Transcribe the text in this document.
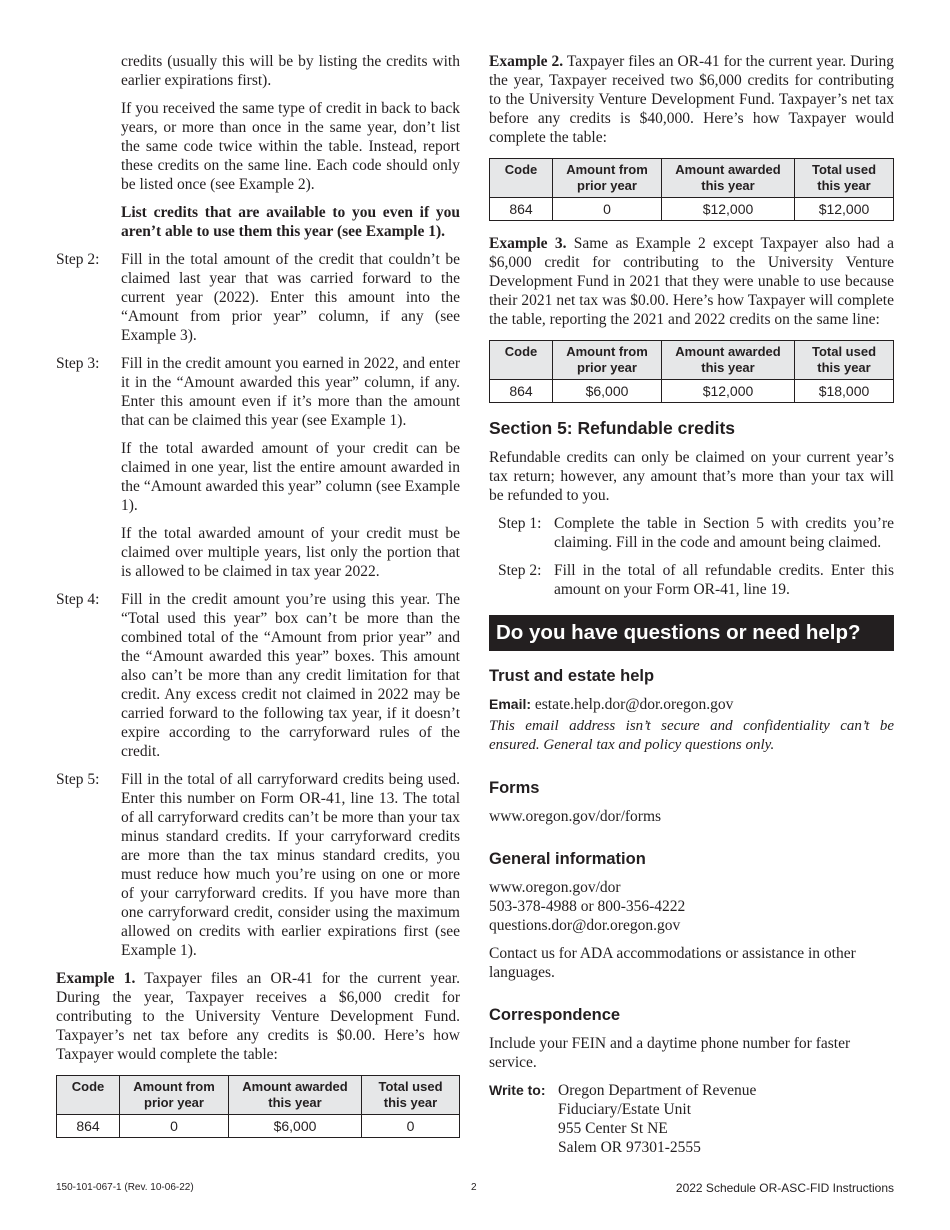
credits (usually this will be by listing the credits with earlier expirations first).

If you received the same type of credit in back to back years, or more than once in the same year, don’t list the same code twice within the table. Instead, report these credits on the same line. Each code should only be listed once (see Example 2).

List credits that are available to you even if you aren’t able to use them this year (see Example 1).

Step 2:	Fill in the total amount of the credit that couldn’t be claimed last year that was carried forward to the current year (2022). Enter this amount into the “Amount from prior year” column, if any (see Example 3).

Step 3:	Fill in the credit amount you earned in 2022, and enter it in the “Amount awarded this year” column, if any. Enter this amount even if it’s more than the amount that can be claimed this year (see Example 1).

If the total awarded amount of your credit can be claimed in one year, list the entire amount awarded in the “Amount awarded this year” column (see Example 1).

If the total awarded amount of your credit must be claimed over multiple years, list only the portion that is allowed to be claimed in tax year 2022.

Step 4:	Fill in the credit amount you’re using this year. The “Total used this year” box can’t be more than the combined total of the “Amount from prior year” and the “Amount awarded this year” boxes. This amount also can’t be more than any credit limitation for that credit. Any excess credit not claimed in 2022 may be carried forward to the following tax year, if it doesn’t expire according to the carryforward rules of the credit.

Step 5:	Fill in the total of all carryforward credits being used. Enter this number on Form OR-41, line 13. The total of all carryforward credits can’t be more than your tax minus standard credits. If your carryforward credits are more than the tax minus standard credits, you must reduce how much you’re using on one or more of your carryforward credits. If you have more than one carryforward credit, consider using the maximum allowed on credits with earlier expirations first (see Example 1).

Example 1. Taxpayer files an OR-41 for the current year. During the year, Taxpayer receives a $6,000 credit for contributing to the University Venture Development Fund. Taxpayer’s net tax before any credits is $0.00. Here’s how Taxpayer would complete the table:

Code	Amount from prior year	Amount awarded this year	Total used this year
864	0	$6,000	0

Example 2. Taxpayer files an OR-41 for the current year. During the year, Taxpayer received two $6,000 credits for contributing to the University Venture Development Fund. Taxpayer’s net tax before any credits is $40,000. Here’s how Taxpayer would complete the table:

Code	Amount from prior year	Amount awarded this year	Total used this year
864	0	$12,000	$12,000

Example 3. Same as Example 2 except Taxpayer also had a $6,000 credit for contributing to the University Venture Development Fund in 2021 that they were unable to use because their 2021 net tax was $0.00. Here’s how Taxpayer will complete the table, reporting the 2021 and 2022 credits on the same line:

Code	Amount from prior year	Amount awarded this year	Total used this year
864	$6,000	$12,000	$18,000
Section 5: Refundable credits

Refundable credits can only be claimed on your current year’s tax return; however, any amount that’s more than your tax will be refunded to you.

Step 1: Complete the table in Section 5 with credits you’re claiming. Fill in the code and amount being claimed.
Step 2: Fill in the total of all refundable credits. Enter this amount on your Form OR-41, line 19.
Do you have questions or need help?
Trust and estate help

Email: estate.help.dor@dor.oregon.gov

This email address isn’t secure and confidentiality can’t be ensured. General tax and policy questions only.

Forms

www.oregon.gov/dor/forms

General information

www.oregon.gov/dor

503-378-4988 or 800-356-4222

questions.dor@dor.oregon.gov

Contact us for ADA accommodations or assistance in other languages.

Correspondence

Include your FEIN and a daytime phone number for faster service.

Write to: Oregon Department of Revenue
Fiduciary/Estate Unit
955 Center St NE
Salem OR 97301-2555
150-101-067-1 (Rev. 10-06-22)	2	2022 Schedule OR-ASC-FID Instructions
